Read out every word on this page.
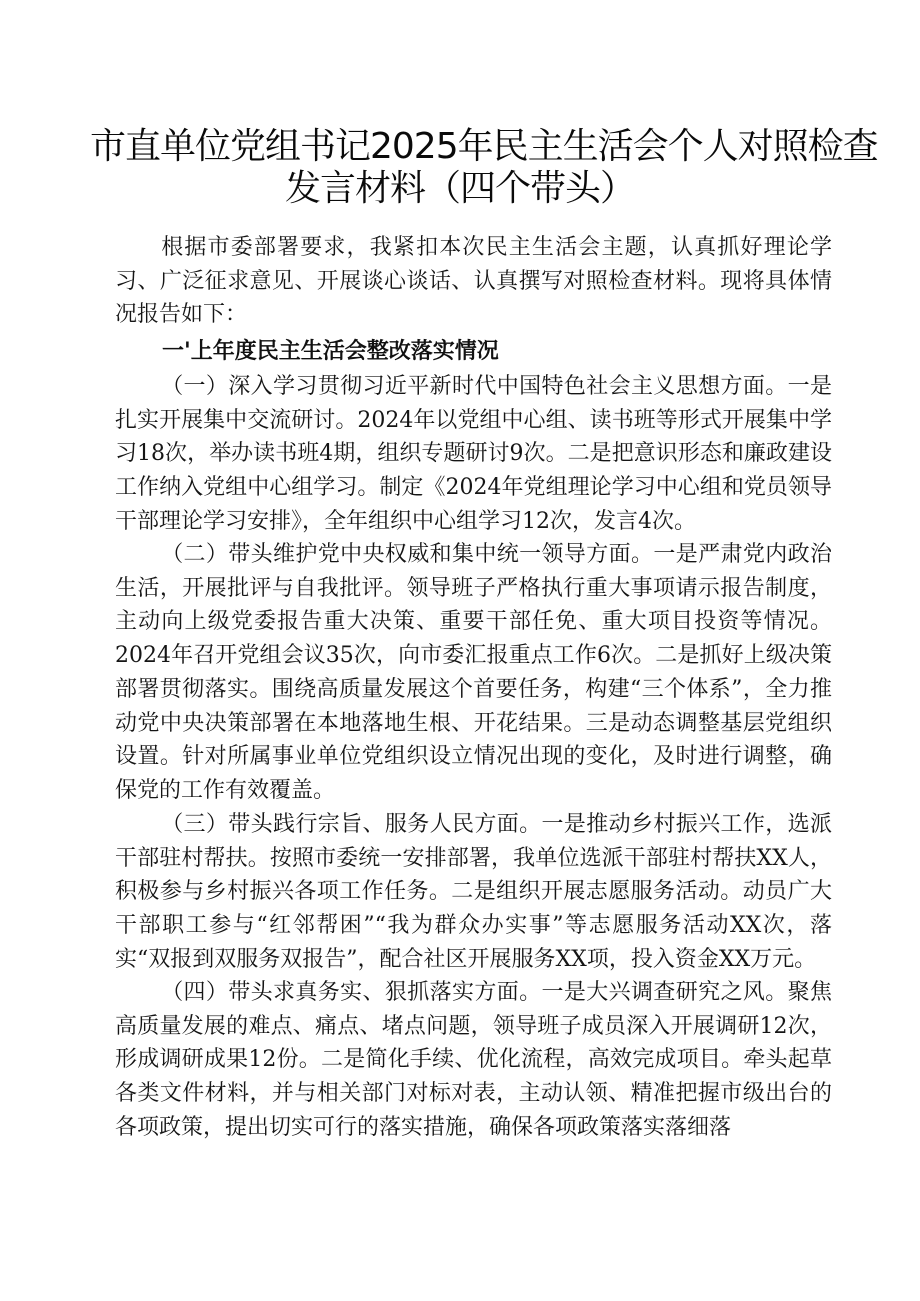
市直单位党组书记2025年民主生活会个人对照检查
发言材料（四个带头）

根据市委部署要求，我紧扣本次民主生活会主题，认真抓好理论学习、广泛征求意见、开展谈心谈话、认真撰写对照检查材料。现将具体情况报告如下：

一'上年度民主生活会整改落实情况

（一）深入学习贯彻习近平新时代中国特色社会主义思想方面。一是扎实开展集中交流研讨。2024年以党组中心组、读书班等形式开展集中学习18次，举办读书班4期，组织专题研讨9次。二是把意识形态和廉政建设工作纳入党组中心组学习。制定《2024年党组理论学习中心组和党员领导干部理论学习安排》，全年组织中心组学习12次，发言4次。

（二）带头维护党中央权威和集中统一领导方面。一是严肃党内政治生活，开展批评与自我批评。领导班子严格执行重大事项请示报告制度，主动向上级党委报告重大决策、重要干部任免、重大项目投资等情况。2024年召开党组会议35次，向市委汇报重点工作6次。二是抓好上级决策部署贯彻落实。围绕高质量发展这个首要任务，构建“三个体系”，全力推动党中央决策部署在本地落地生根、开花结果。三是动态调整基层党组织设置。针对所属事业单位党组织设立情况出现的变化，及时进行调整，确保党的工作有效覆盖。

（三）带头践行宗旨、服务人民方面。一是推动乡村振兴工作，选派干部驻村帮扶。按照市委统一安排部署，我单位选派干部驻村帮扶XX人，积极参与乡村振兴各项工作任务。二是组织开展志愿服务活动。动员广大干部职工参与“红邻帮困”“我为群众办实事”等志愿服务活动XX次，落实“双报到双服务双报告”，配合社区开展服务XX项，投入资金XX万元。

（四）带头求真务实、狠抓落实方面。一是大兴调查研究之风。聚焦高质量发展的难点、痛点、堵点问题，领导班子成员深入开展调研12次，形成调研成果12份。二是简化手续、优化流程，高效完成项目。牵头起草各类文件材料，并与相关部门对标对表，主动认领、精准把握市级出台的各项政策，提出切实可行的落实措施，确保各项政策落实落细落
